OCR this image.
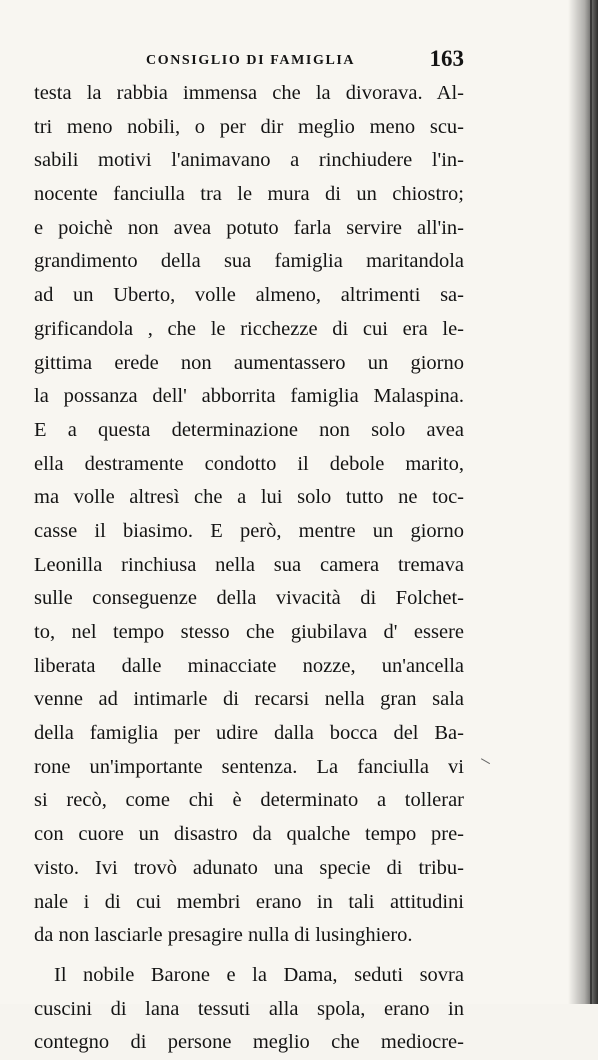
CONSIGLIO DI FAMIGLIA	163
testa la rabbia immensa che la divorava. Al-
tri meno nobili, o per dir meglio meno scu-
sabili motivi l'animavano a rinchiudere l'in-
nocente fanciulla tra le mura di un chiostro;
e poichè non avea potuto farla servire all'in-
grandimento della sua famiglia maritandola
ad un Uberto, volle almeno, altrimenti sa-
grificandola , che le ricchezze di cui era le-
gittima erede non aumentassero un giorno
la possanza dell' abborrita famiglia Malaspina.
E a questa determinazione non solo avea
ella destramente condotto il debole marito,
ma volle altresì che a lui solo tutto ne toc-
casse il biasimo. E però, mentre un giorno
Leonilla rinchiusa nella sua camera tremava
sulle conseguenze della vivacità di Folchet-
to, nel tempo stesso che giubilava d' essere
liberata dalle minacciate nozze, un'ancella
venne ad intimarle di recarsi nella gran sala
della famiglia per udire dalla bocca del Ba-
rone un'importante sentenza. La fanciulla vi
si recò, come chi è determinato a tollerar
con cuore un disastro da qualche tempo pre-
visto. Ivi trovò adunato una specie di tribu-
nale i di cui membri erano in tali attitudini
da non lasciarle presagire nulla di lusinghiero.
Il nobile Barone e la Dama, seduti sovra
cuscini di lana tessuti alla spola, erano in
contegno di persone meglio che mediocre-
